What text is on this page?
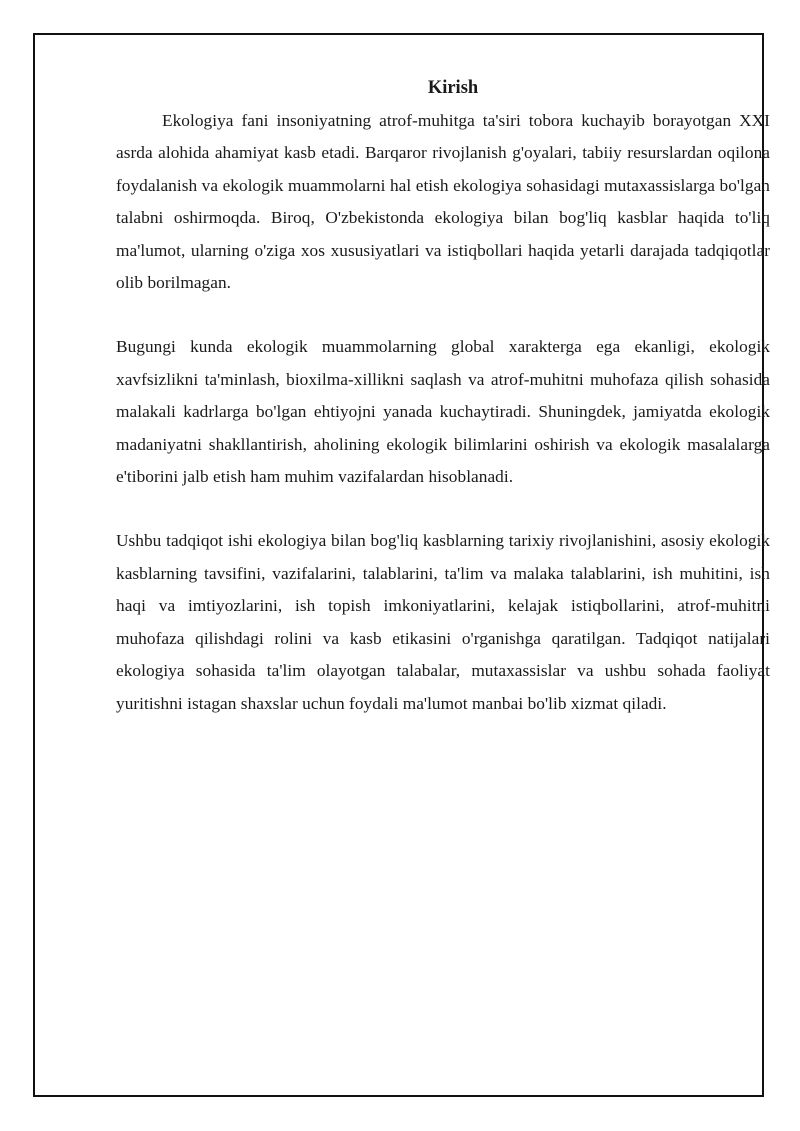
Kirish

Ekologiya fani insoniyatning atrof-muhitga ta'siri tobora kuchayib borayotgan XXI asrda alohida ahamiyat kasb etadi. Barqaror rivojlanish g'oyalari, tabiiy resurslardan oqilona foydalanish va ekologik muammolarni hal etish ekologiya sohasidagi mutaxassislarga bo'lgan talabni oshirmoqda. Biroq, O'zbekistonda ekologiya bilan bog'liq kasblar haqida to'liq ma'lumot, ularning o'ziga xos xususiyatlari va istiqbollari haqida yetarli darajada tadqiqotlar olib borilmagan.

Bugungi kunda ekologik muammolarning global xarakterga ega ekanligi, ekologik xavfsizlikni ta'minlash, bioxilma-xillikni saqlash va atrof-muhitni muhofaza qilish sohasida malakali kadrlarga bo'lgan ehtiyojni yanada kuchaytiradi. Shuningdek, jamiyatda ekologik madaniyatni shakllantirish, aholining ekologik bilimlarini oshirish va ekologik masalalarga e'tiborini jalb etish ham muhim vazifalardan hisoblanadi.

Ushbu tadqiqot ishi ekologiya bilan bog'liq kasblarning tarixiy rivojlanishini, asosiy ekologik kasblarning tavsifini, vazifalarini, talablarini, ta'lim va malaka talablarini, ish muhitini, ish haqi va imtiyozlarini, ish topish imkoniyatlarini, kelajak istiqbollarini, atrof-muhitni muhofaza qilishdagi rolini va kasb etikasini o'rganishga qaratilgan. Tadqiqot natijalari ekologiya sohasida ta'lim olayotgan talabalar, mutaxassislar va ushbu sohada faoliyat yuritishni istagan shaxslar uchun foydali ma'lumot manbai bo'lib xizmat qiladi.
